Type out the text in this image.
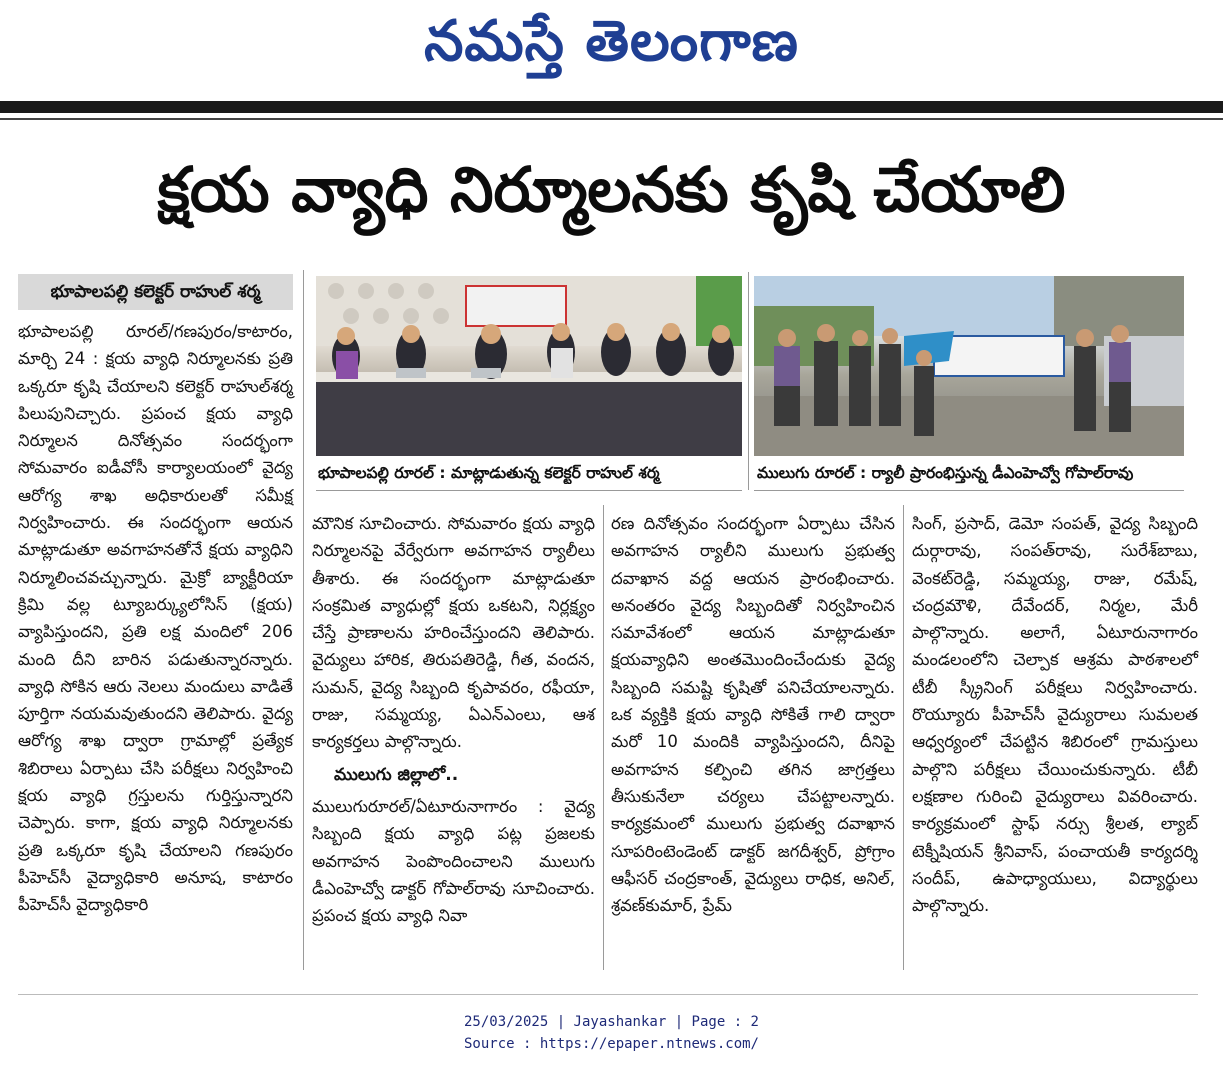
నమస్తే తెలంగాణ
క్షయ వ్యాధి నిర్మూలనకు కృషి చేయాలి
భూపాలపల్లి కలెక్టర్ రాహుల్ శర్మ

భూపాలపల్లి రూరల్/గణపురం/కాటారం, మార్చి 24 : క్షయ వ్యాధి నిర్మూలనకు ప్రతి ఒక్కరూ కృషి చేయాలని కలెక్టర్ రాహుల్‌శర్మ పిలుపునిచ్చారు. ప్రపంచ క్షయ వ్యాధి నిర్మూలన దినోత్సవం సందర్భంగా సోమవారం ఐడీవోసీ కార్యాలయంలో వైద్య ఆరోగ్య శాఖ అధికారులతో సమీక్ష నిర్వహించారు. ఈ సందర్భంగా ఆయన మాట్లాడుతూ అవగాహనతోనే క్షయ వ్యాధిని నిర్మూలించవచ్చున్నారు. మైక్రో బ్యాక్టీరియా క్రిమి వల్ల ట్యూబర్క్యులోసిస్ (క్షయ) వ్యాపిస్తుందని, ప్రతి లక్ష మందిలో 206 మంది దీని బారిన పడుతున్నారన్నారు. వ్యాధి సోకిన ఆరు నెలలు మందులు వాడితే పూర్తిగా నయమవుతుందని తెలిపారు. వైద్య ఆరోగ్య శాఖ ద్వారా గ్రామాల్లో ప్రత్యేక శిబిరాలు ఏర్పాటు చేసి పరీక్షలు నిర్వహించి క్షయ వ్యాధి గ్రస్తులను గుర్తిస్తున్నారని చెప్పారు. కాగా, క్షయ వ్యాధి నిర్మూలనకు ప్రతి ఒక్కరూ కృషి చేయాలని గణపురం పీహెచ్‌సీ వైద్యాధికారి అనూష, కాటారం పీహెచ్‌సీ వైద్యాధికారి

భూపాలపల్లి రూరల్ : మాట్లాడుతున్న కలెక్టర్ రాహుల్ శర్మ	ములుగు రూరల్ : ర్యాలీ ప్రారంభిస్తున్న డీఎంహెచ్వో గోపాల్‌రావు

మౌనిక సూచించారు. సోమవారం క్షయ వ్యాధి నిర్మూలనపై వేర్వేరుగా అవగాహన ర్యాలీలు తీశారు. ఈ సందర్భంగా మాట్లాడుతూ సంక్రమిత వ్యాధుల్లో క్షయ ఒకటని, నిర్లక్ష్యం చేస్తే ప్రాణాలను హరించేస్తుందని తెలిపారు. వైద్యులు హారిక, తిరుపతిరెడ్డి, గీత, వందన, సుమన్, వైద్య సిబ్బంది కృపావరం, రఫీయా, రాజు, సమ్మయ్య, ఏఎన్ఎంలు, ఆశ కార్యకర్తలు పాల్గొన్నారు.

ములుగు జిల్లాలో..

ములుగురూరల్/ఏటూరునాగారం : వైద్య సిబ్బంది క్షయ వ్యాధి పట్ల ప్రజలకు అవగాహన పెంపొందించాలని ములుగు డీఎంహెచ్వో డాక్టర్ గోపాల్‌రావు సూచించారు. ప్రపంచ క్షయ వ్యాధి నివా

రణ దినోత్సవం సందర్భంగా ఏర్పాటు చేసిన అవగాహన ర్యాలీని ములుగు ప్రభుత్వ దవాఖాన వద్ద ఆయన ప్రారంభించారు. అనంతరం వైద్య సిబ్బందితో నిర్వహించిన సమావేశంలో ఆయన మాట్లాడుతూ క్షయవ్యాధిని అంతమొందించేందుకు వైద్య సిబ్బంది సమష్టి కృషితో పనిచేయాలన్నారు. ఒక వ్యక్తికి క్షయ వ్యాధి సోకితే గాలి ద్వారా మరో 10 మందికి వ్యాపిస్తుందని, దీనిపై అవగాహన కల్పించి తగిన జాగ్రత్తలు తీసుకునేలా చర్యలు చేపట్టాలన్నారు. కార్యక్రమంలో ములుగు ప్రభుత్వ దవాఖాన సూపరింటెండెంట్ డాక్టర్ జగదీశ్వర్, ప్రోగ్రాం ఆఫీసర్ చంద్రకాంత్, వైద్యులు రాధిక, అనిల్, శ్రవణ్‌కుమార్, ప్రేమ్

సింగ్, ప్రసాద్, డెమో సంపత్, వైద్య సిబ్బంది దుర్గారావు, సంపత్‌రావు, సురేశ్‌బాబు, వెంకట్‌రెడ్డి, సమ్మయ్య, రాజు, రమేష్, చంద్రమౌళి, దేవేందర్, నిర్మల, మేరీ పాల్గొన్నారు. అలాగే, ఏటూరునాగారం మండలంలోని చెల్పాక ఆశ్రమ పాఠశాలలో టీబీ స్క్రీనింగ్ పరీక్షలు నిర్వహించారు. రొయ్యూరు పీహెచ్‌సీ వైద్యురాలు సుమలత ఆధ్వర్యంలో చేపట్టిన శిబిరంలో గ్రామస్తులు పాల్గొని పరీక్షలు చేయించుకున్నారు. టీబీ లక్షణాల గురించి వైద్యురాలు వివరించారు. కార్యక్రమంలో స్టాఫ్ నర్సు శ్రీలత, ల్యాబ్ టెక్నీషియన్ శ్రీనివాస్, పంచాయతీ కార్యదర్శి సందీప్, ఉపాధ్యాయులు, విద్యార్థులు పాల్గొన్నారు.

25/03/2025 | Jayashankar | Page : 2
Source : https://epaper.ntnews.com/
